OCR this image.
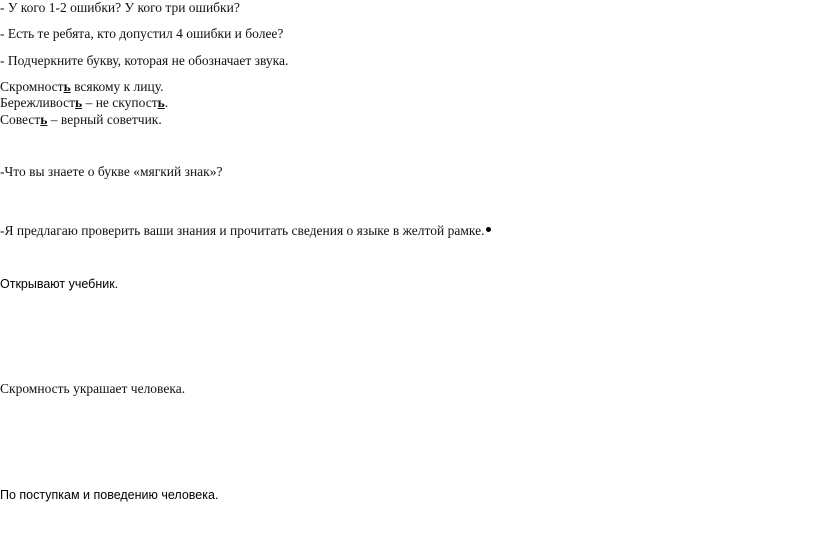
- У кого 1-2 ошибки? У кого три ошибки?
- Есть те ребята, кто допустил 4 ошибки и более?
- Подчеркните букву, которая не обозначает звука.
Скромность всякому к лицу.
Бережливость – не скупость.
Совесть – верный советчик.
-Что вы знаете о букве «мягкий знак»?
-Я предлагаю проверить ваши знания и прочитать сведения о языке в желтой рамке.
Открывают учебник.
Скромность украшает человека.
По поступкам и поведению человека.
